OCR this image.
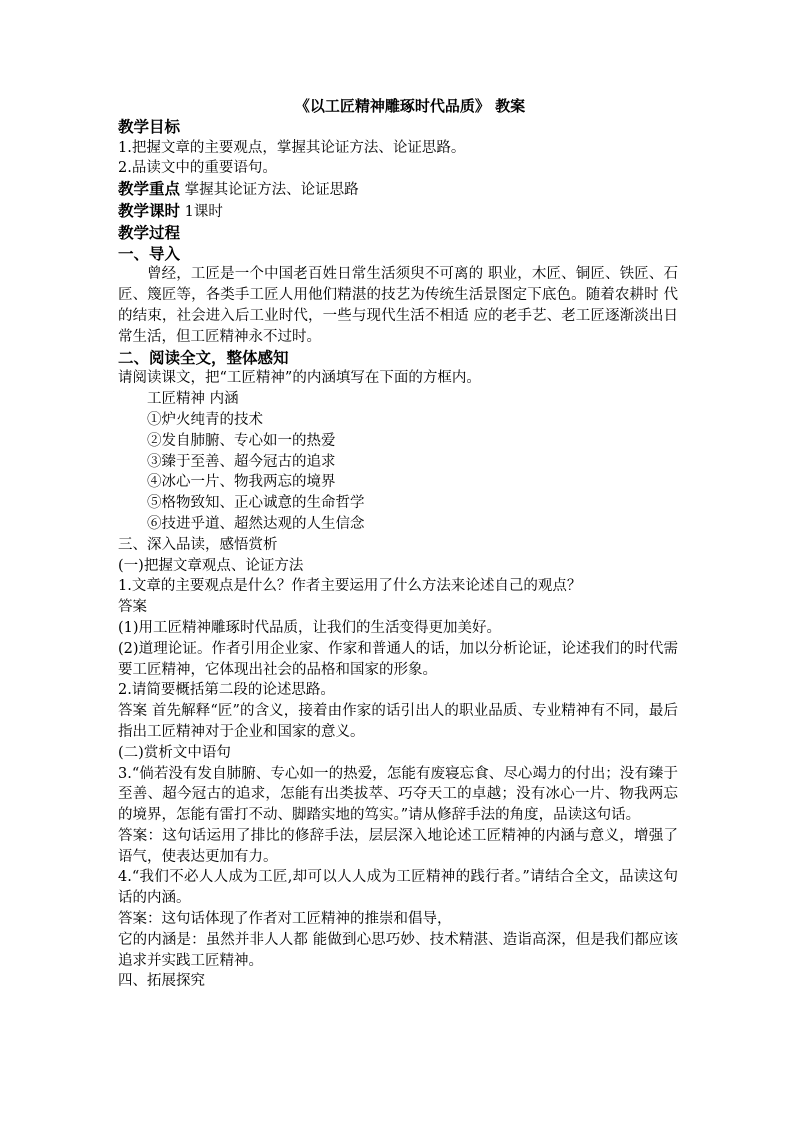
《以工匠精神雕琢时代品质》 教案

教学目标

1.把握文章的主要观点，掌握其论证方法、论证思路。

2.品读文中的重要语句。

教学重点 掌握其论证方法、论证思路

教学课时 1课时

教学过程

一、导入

曾经，工匠是一个中国老百姓日常生活须臾不可离的 职业，木匠、铜匠、铁匠、石匠、篾匠等，各类手工匠人用他们精湛的技艺为传统生活景图定下底色。随着农耕时 代的结束，社会进入后工业时代，一些与现代生活不相适 应的老手艺、老工匠逐渐淡出日常生活，但工匠精神永不过时。

二、阅读全文，整体感知

请阅读课文，把“工匠精神”的内涵填写在下面的方框内。

工匠精神 内涵

①炉火纯青的技术

②发自肺腑、专心如一的热爱

③臻于至善、超今冠古的追求

④冰心一片、物我两忘的境界

⑤格物致知、正心诚意的生命哲学

⑥技进乎道、超然达观的人生信念

三、深入品读，感悟赏析

(一)把握文章观点、论证方法

1.文章的主要观点是什么？作者主要运用了什么方法来论述自己的观点？

答案

(1)用工匠精神雕琢时代品质，让我们的生活变得更加美好。

(2)道理论证。作者引用企业家、作家和普通人的话，加以分析论证，论述我们的时代需要工匠精神，它体现出社会的品格和国家的形象。

2.请简要概括第二段的论述思路。

答案 首先解释“匠”的含义，接着由作家的话引出人的职业品质、专业精神有不同，最后指出工匠精神对于企业和国家的意义。

(二)赏析文中语句

3.“倘若没有发自肺腑、专心如一的热爱，怎能有废寝忘食、尽心竭力的付出；没有臻于至善、超今冠古的追求，怎能有出类拔萃、巧夺天工的卓越；没有冰心一片、物我两忘的境界，怎能有雷打不动、脚踏实地的笃实。”请从修辞手法的角度，品读这句话。

答案：这句话运用了排比的修辞手法，层层深入地论述工匠精神的内涵与意义，增强了语气，使表达更加有力。

4.“我们不必人人成为工匠,却可以人人成为工匠精神的践行者。”请结合全文，品读这句话的内涵。

答案：这句话体现了作者对工匠精神的推崇和倡导，

它的内涵是：虽然并非人人都 能做到心思巧妙、技术精湛、造诣高深，但是我们都应该追求并实践工匠精神。

四、拓展探究
